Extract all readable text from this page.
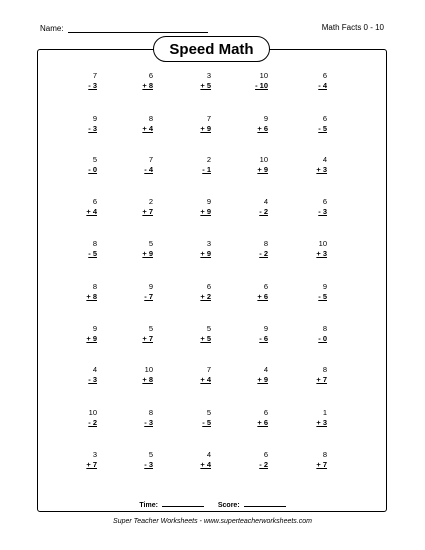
Name:	Math Facts 0 - 10
Speed Math
7
- 3
6
+ 8
3
+ 5
10
- 10
6
- 4
9
- 3
8
+ 4
7
+ 9
9
+ 6
6
- 5
5
- 0
7
- 4
2
- 1
10
+ 9
4
+ 3
6
+ 4
2
+ 7
9
+ 9
4
- 2
6
- 3
8
- 5
5
+ 9
3
+ 9
8
- 2
10
+ 3
8
+ 8
9
- 7
6
+ 2
6
+ 6
9
- 5
9
+ 9
5
+ 7
5
+ 5
9
- 6
8
- 0
4
- 3
10
+ 8
7
+ 4
4
+ 9
8
+ 7
10
- 2
8
- 3
5
- 5
6
+ 6
1
+ 3
3
+ 7
5
- 3
4
+ 4
6
- 2
8
+ 7
Time:	Score:
Super Teacher Worksheets - www.superteacherworksheets.com
